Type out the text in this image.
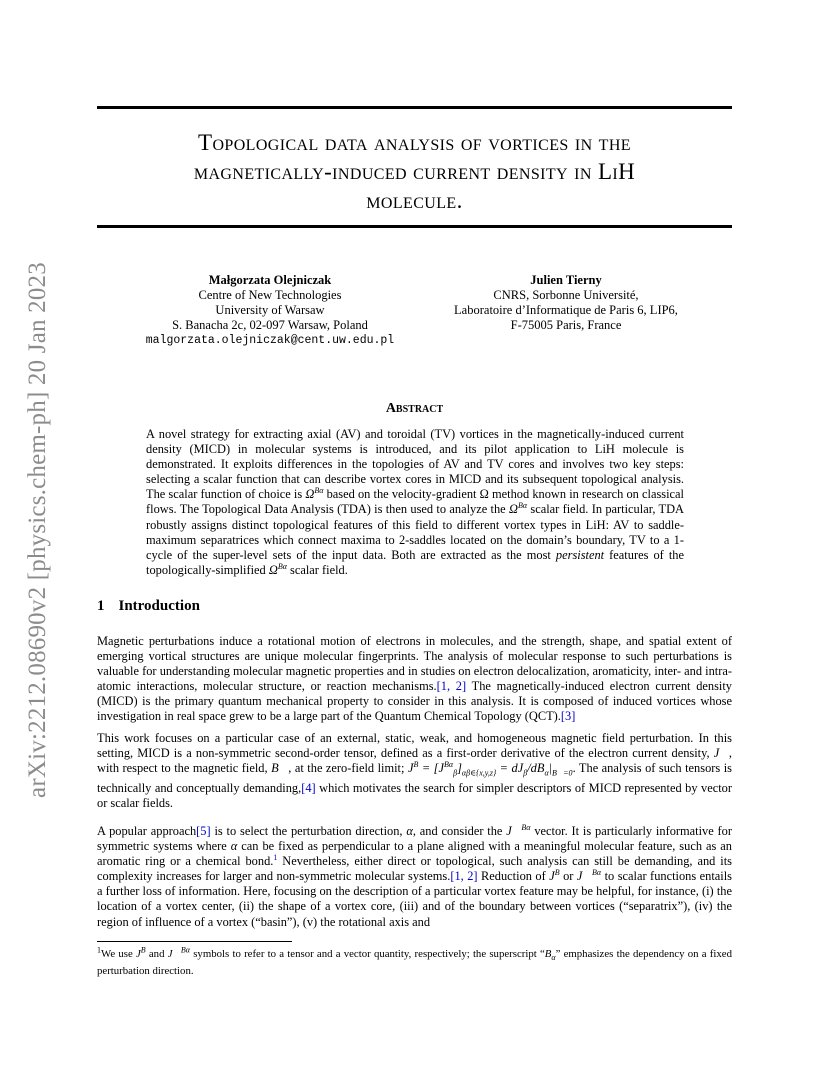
arXiv:2212.08690v2 [physics.chem-ph] 20 Jan 2023
Topological data analysis of vortices in the
magnetically-induced current density in LiH
molecule.
Małgorzata Olejniczak
Centre of New Technologies
University of Warsaw
S. Banacha 2c, 02-097 Warsaw, Poland
malgorzata.olejniczak@cent.uw.edu.pl
Julien Tierny
CNRS, Sorbonne Université,
Laboratoire d’Informatique de Paris 6, LIP6,
F-75005 Paris, France
Abstract
A novel strategy for extracting axial (AV) and toroidal (TV) vortices in the magnetically-induced current density (MICD) in molecular systems is introduced, and its pilot application to LiH molecule is demonstrated. It exploits differences in the topologies of AV and TV cores and involves two key steps: selecting a scalar function that can describe vortex cores in MICD and its subsequent topological analysis. The scalar function of choice is $\Omega^{B\alpha}$ based on the velocity-gradient Ω method known in research on classical flows. The Topological Data Analysis (TDA) is then used to analyze the $\Omega^{B\alpha}$ scalar field. In particular, TDA robustly assigns distinct topological features of this field to different vortex types in LiH: AV to saddle-maximum separatrices which connect maxima to 2-saddles located on the domain’s boundary, TV to a 1-cycle of the super-level sets of the input data. Both are extracted as the most persistent features of the topologically-simplified $\Omega^{B\alpha}$ scalar field.
1 Introduction
Magnetic perturbations induce a rotational motion of electrons in molecules, and the strength, shape, and spatial extent of emerging vortical structures are unique molecular fingerprints. The analysis of molecular response to such perturbations is valuable for understanding molecular magnetic properties and in studies on electron delocalization, aromaticity, inter- and intra-atomic interactions, molecular structure, or reaction mechanisms.[1, 2] The magnetically-induced electron current density (MICD) is the primary quantum mechanical property to consider in this analysis. It is composed of induced vortices whose investigation in real space grew to be a large part of the Quantum Chemical Topology (QCT).[3]
This work focuses on a particular case of an external, static, weak, and homogeneous magnetic field perturbation. In this setting, MICD is a non-symmetric second-order tensor, defined as a first-order derivative of the electron current density, J⃗, with respect to the magnetic field, B⃗, at the zero-field limit; $J^B = [J^{B\alpha}_\beta]_{\alpha\beta\in\{x,y,z\}} = dJ_\beta/dB_\alpha|_{B⃗=0}$. The analysis of such tensors is technically and conceptually demanding,[4] which motivates the search for simpler descriptors of MICD represented by vector or scalar fields.
A popular approach[5] is to select the perturbation direction, α, and consider the J⃗$^{B\alpha}$ vector. It is particularly informative for symmetric systems where α can be fixed as perpendicular to a plane aligned with a meaningful molecular feature, such as an aromatic ring or a chemical bond.$^1$ Nevertheless, either direct or topological, such analysis can still be demanding, and its complexity increases for larger and non-symmetric molecular systems.[1, 2] Reduction of $J^B$ or J⃗$^{B\alpha}$ to scalar functions entails a further loss of information. Here, focusing on the description of a particular vortex feature may be helpful, for instance, (i) the location of a vortex center, (ii) the shape of a vortex core, (iii) and of the boundary between vortices (“separatrix”), (iv) the region of influence of a vortex (“basin”), (v) the rotational axis and
$^1$We use $J^B$ and J⃗$^{B\alpha}$ symbols to refer to a tensor and a vector quantity, respectively; the superscript “$B_\alpha$” emphasizes the dependency on a fixed perturbation direction.
